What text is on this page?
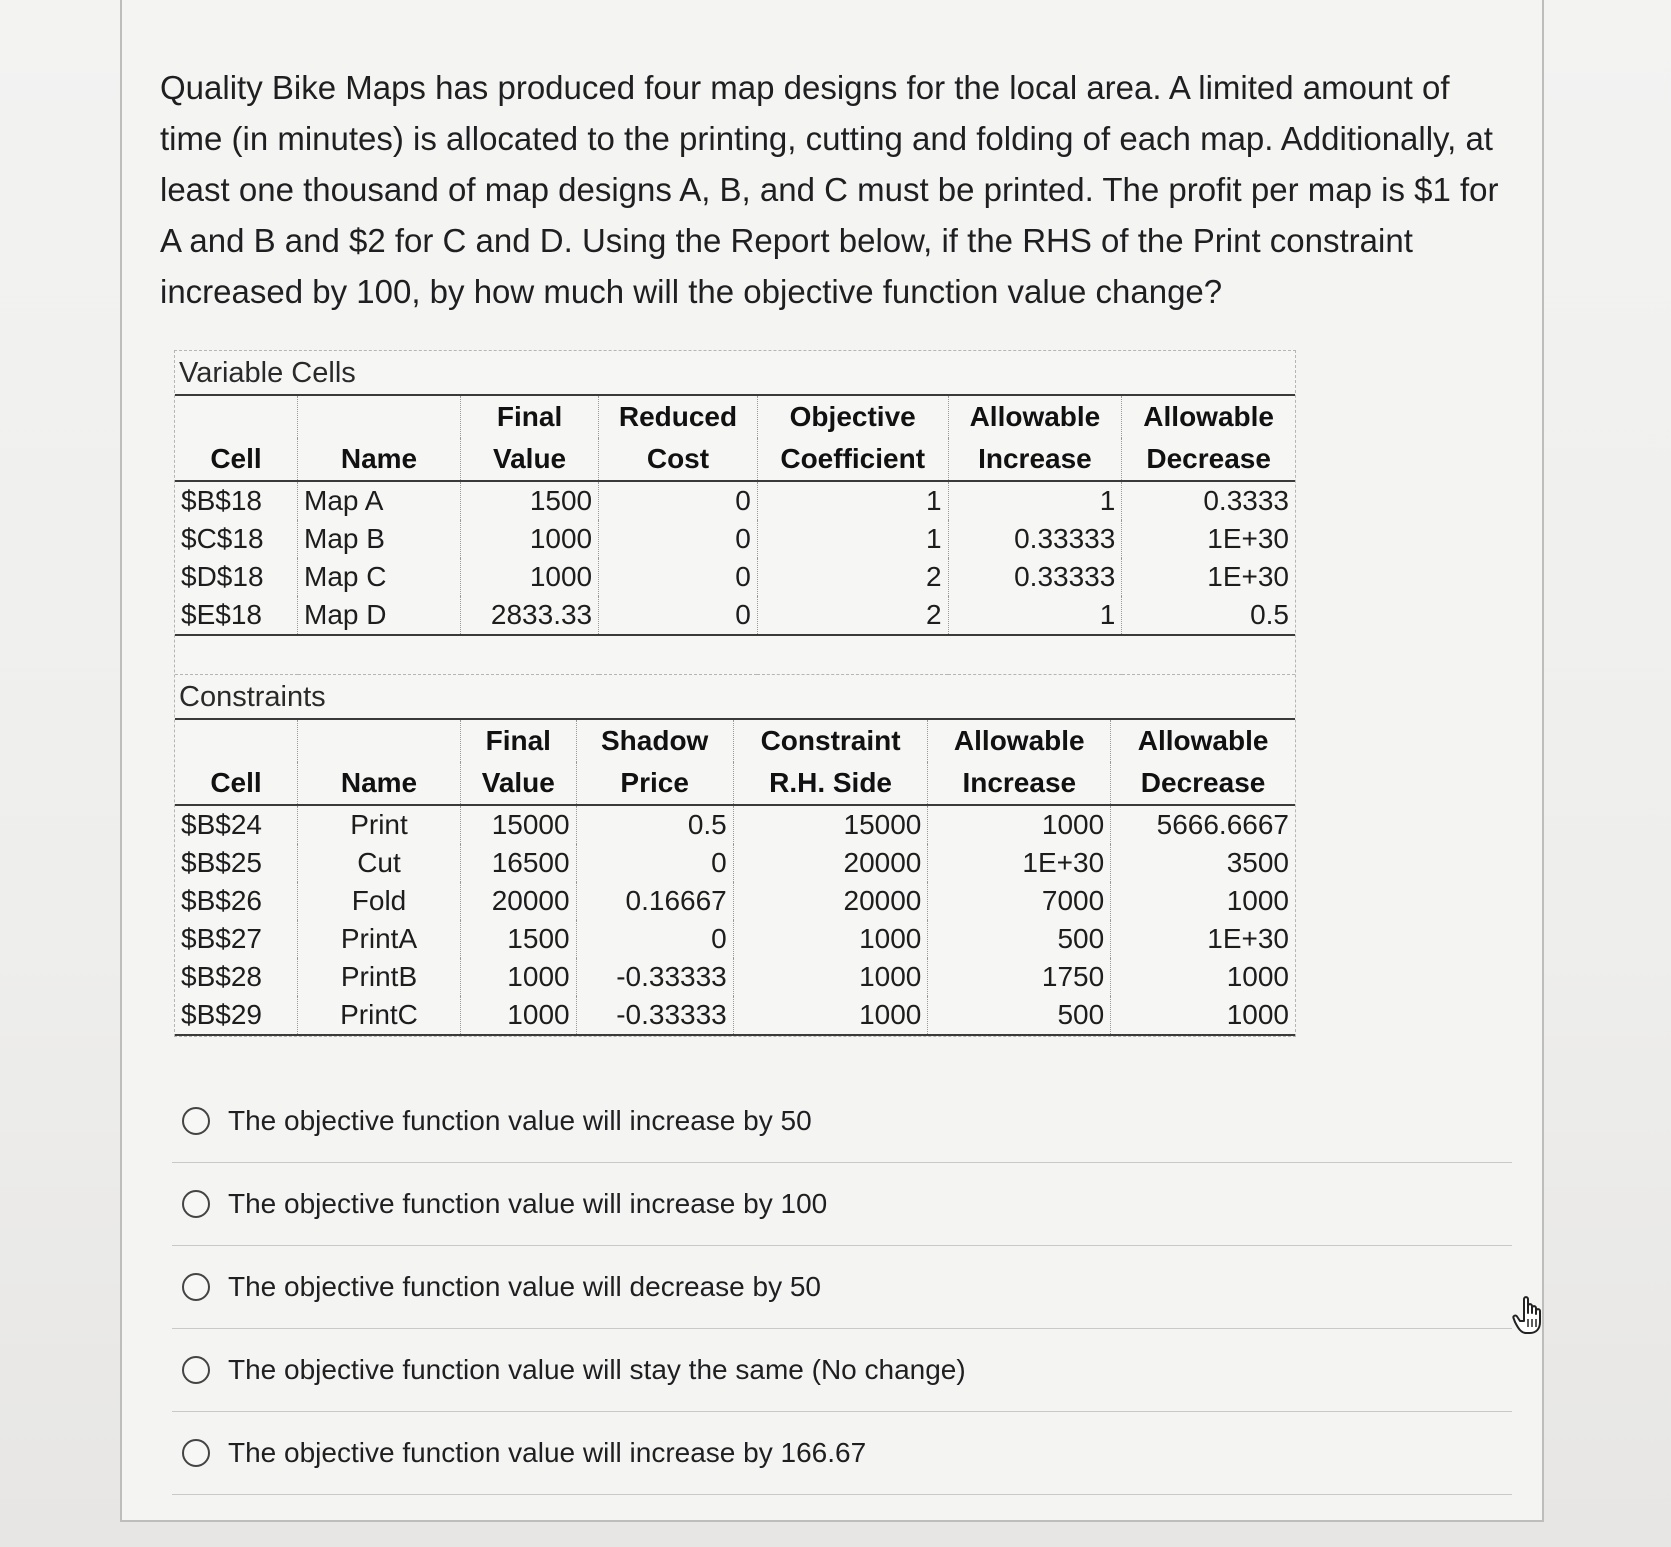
Quality Bike Maps has produced four map designs for the local area. A limited amount of time (in minutes) is allocated to the printing, cutting and folding of each map. Additionally, at least one thousand of map designs A, B, and C must be printed. The profit per map is $1 for A and B and $2 for C and D. Using the Report below, if the RHS of the Print constraint increased by 100, by how much will the objective function value change?

Variable Cells
		Final	Reduced	Objective	Allowable	Allowable
Cell	Name	Value	Cost	Coefficient	Increase	Decrease
$B$18	Map A	1500	0	1	1	0.3333
$C$18	Map B	1000	0	1	0.33333	1E+30
$D$18	Map C	1000	0	2	0.33333	1E+30
$E$18	Map D	2833.33	0	2	1	0.5

Constraints
		Final	Shadow	Constraint	Allowable	Allowable
Cell	Name	Value	Price	R.H. Side	Increase	Decrease
$B$24	Print	15000	0.5	15000	1000	5666.6667
$B$25	Cut	16500	0	20000	1E+30	3500
$B$26	Fold	20000	0.16667	20000	7000	1000
$B$27	PrintA	1500	0	1000	500	1E+30
$B$28	PrintB	1000	-0.33333	1000	1750	1000
$B$29	PrintC	1000	-0.33333	1000	500	1000
The objective function value will increase by 50
The objective function value will increase by 100
The objective function value will decrease by 50
The objective function value will stay the same (No change)
The objective function value will increase by 166.67
